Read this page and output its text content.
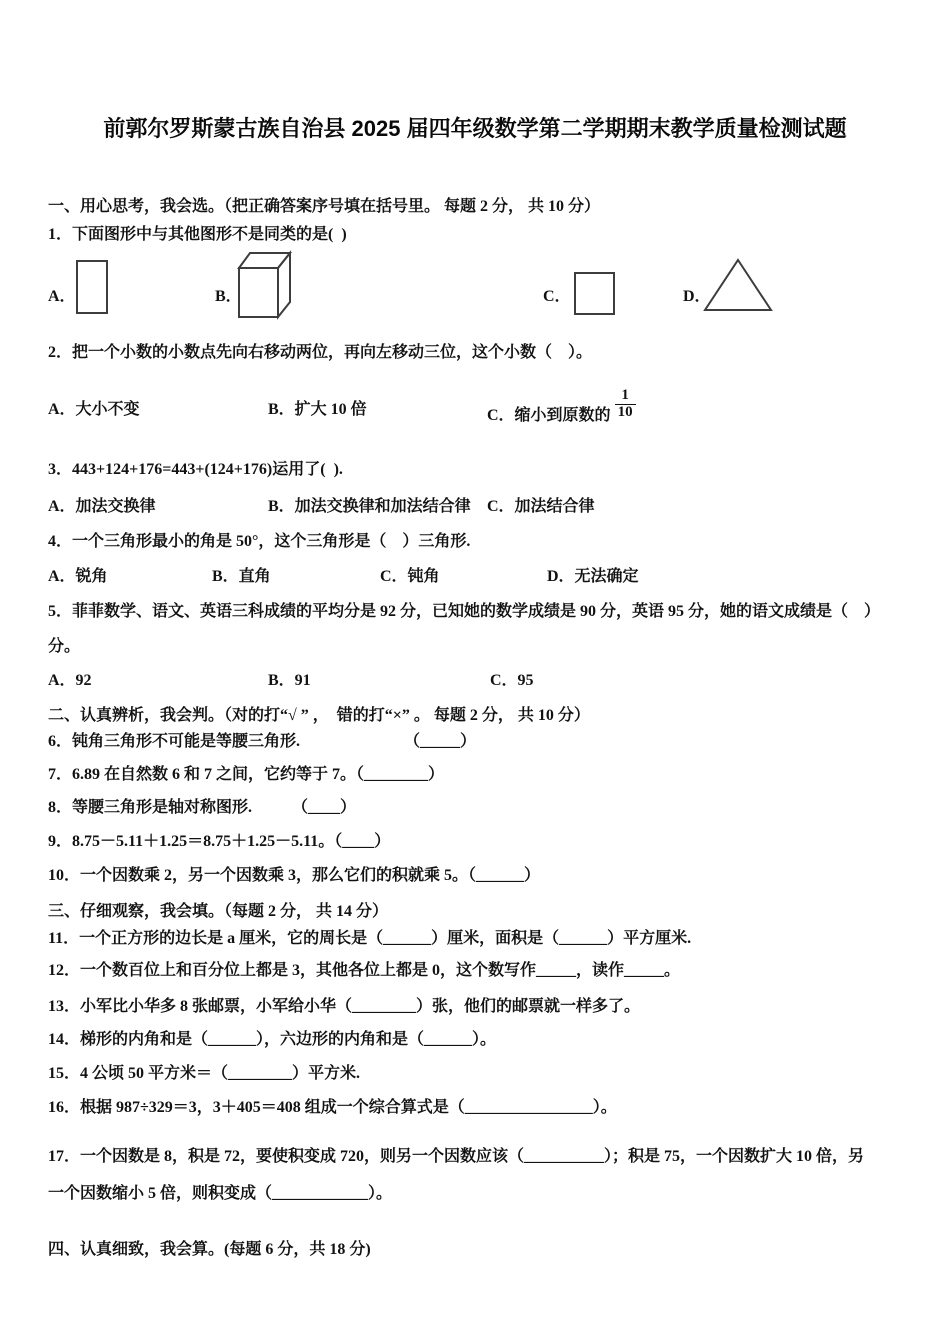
前郭尔罗斯蒙古族自治县 2025 届四年级数学第二学期期末教学质量检测试题
一、用心思考，我会选。（把正确答案序号填在括号里。 每题 2 分， 共 10 分）
1．下面图形中与其他图形不是同类的是(  )
A．	B．	C．	D．
2．把一个小数的小数点先向右移动两位，再向左移动三位，这个小数（　）。
A．大小不变	B．扩大 10 倍	C．缩小到原数的 $\frac{1}{10}$
3．443+124+176=443+(124+176)运用了(  ).
A．加法交换律	B．加法交换律和加法结合律 C．加法结合律
4．一个三角形最小的角是 50°，这个三角形是（　）三角形.
A．锐角	B．直角	C．钝角	D．无法确定
5．菲菲数学、语文、英语三科成绩的平均分是 92 分，已知她的数学成绩是 90 分，英语 95 分，她的语文成绩是（　）
分。
A．92	B．91	C．95
二、认真辨析，我会判。（对的打“√ ” ，  错的打“×” 。 每题 2 分， 共 10 分）
6．钝角三角形不可能是等腰三角形.　　　　　　　（_____）
7．6.89 在自然数 6 和 7 之间，它约等于 7。（________）
8．等腰三角形是轴对称图形.　　　（____）
9．8.75－5.11＋1.25＝8.75＋1.25－5.11。（____）
10．一个因数乘 2，另一个因数乘 3，那么它们的积就乘 5。（______）
三、仔细观察，我会填。（每题 2 分， 共 14 分）
11．一个正方形的边长是 a 厘米，它的周长是（______）厘米，面积是（______）平方厘米.
12．一个数百位上和百分位上都是 3，其他各位上都是 0，这个数写作_____，读作_____。
13．小军比小华多 8 张邮票，小军给小华（________）张，他们的邮票就一样多了。
14．梯形的内角和是（______），六边形的内角和是（______）。
15．4 公顷 50 平方米＝（________）平方米.
16．根据 987÷329＝3，3＋405＝408 组成一个综合算式是（________________）。
17．一个因数是 8，积是 72，要使积变成 720，则另一个因数应该（__________）；积是 75，一个因数扩大 10 倍，另
一个因数缩小 5 倍，则积变成（____________）。
四、认真细致，我会算。(每题 6 分，共 18 分)
